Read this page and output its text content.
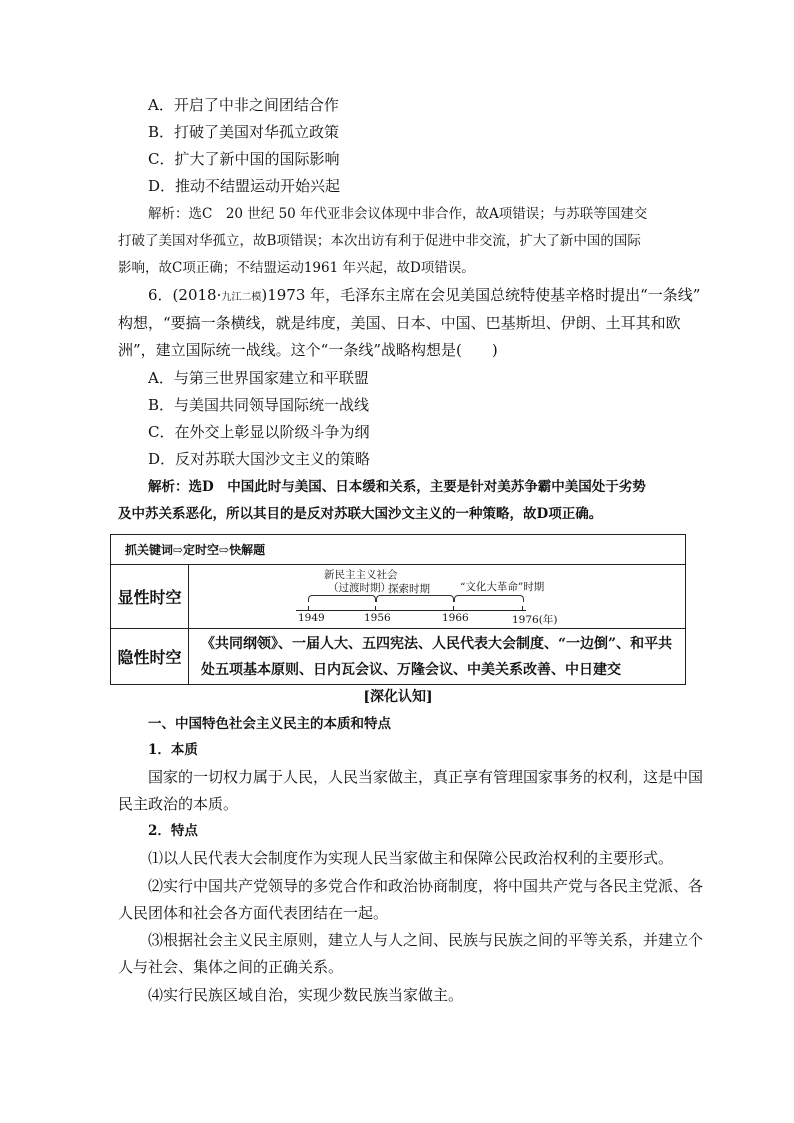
A．开启了中非之间团结合作
B．打破了美国对华孤立政策
C．扩大了新中国的国际影响
D．推动不结盟运动开始兴起
解析：选C　20 世纪 50 年代亚非会议体现中非合作，故A项错误；与苏联等国建交
打破了美国对华孤立，故B项错误；本次出访有利于促进中非交流，扩大了新中国的国际
影响，故C项正确；不结盟运动1961 年兴起，故D项错误。
6．(2018·九江二模)1973 年，毛泽东主席在会见美国总统特使基辛格时提出“一条线”
构想，“要搞一条横线，就是纬度，美国、日本、中国、巴基斯坦、伊朗、土耳其和欧
洲”，建立国际统一战线。这个“一条线”战略构想是(　　)
A．与第三世界国家建立和平联盟
B．与美国共同领导国际统一战线
C．在外交上彰显以阶级斗争为纲
D．反对苏联大国沙文主义的策略
解析：选D　中国此时与美国、日本缓和关系，主要是针对美苏争霸中美国处于劣势
及中苏关系恶化，所以其目的是反对苏联大国沙文主义的一种策略，故D项正确。
抓关键词⇨定时空⇨快解题
显性时空
新民主主义社会
（过渡时期）
探索时期	“文化大革命”时期
1949	1956	1966	1976(年)
隐性时空
《共同纲领》、一届人大、五四宪法、人民代表大会制度、“一边倒”、和平共
处五项基本原则、日内瓦会议、万隆会议、中美关系改善、中日建交
[深化认知]
一、中国特色社会主义民主的本质和特点
1．本质
国家的一切权力属于人民，人民当家做主，真正享有管理国家事务的权利，这是中国
民主政治的本质。
2．特点
⑴以人民代表大会制度作为实现人民当家做主和保障公民政治权利的主要形式。
⑵实行中国共产党领导的多党合作和政治协商制度，将中国共产党与各民主党派、各
人民团体和社会各方面代表团结在一起。
⑶根据社会主义民主原则，建立人与人之间、民族与民族之间的平等关系，并建立个
人与社会、集体之间的正确关系。
⑷实行民族区域自治，实现少数民族当家做主。
